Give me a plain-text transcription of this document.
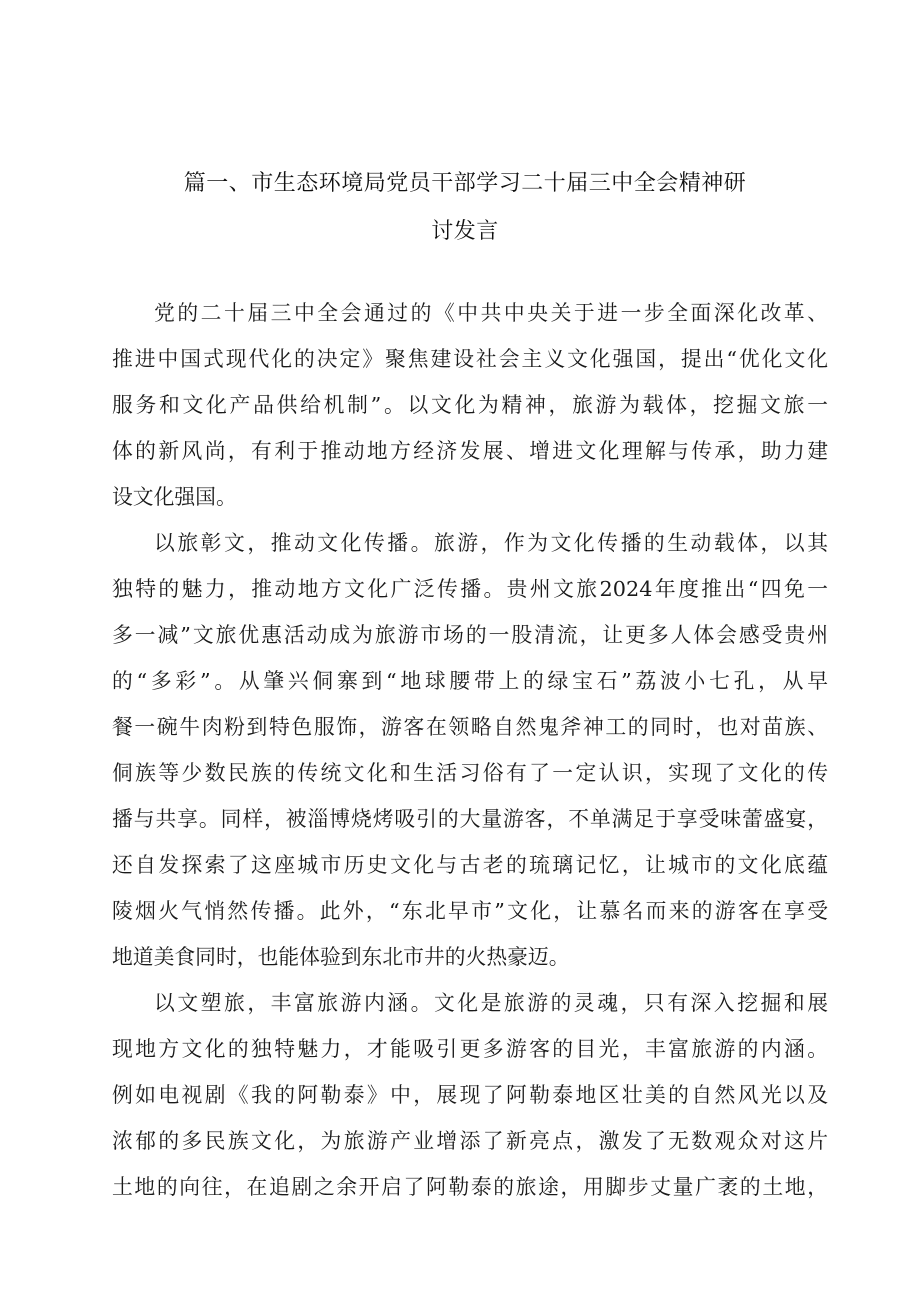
篇一、市生态环境局党员干部学习二十届三中全会精神研
讨发言

党的二十届三中全会通过的《中共中央关于进一步全面深化改革、
推进中国式现代化的决定》聚焦建设社会主义文化强国，提出“优化文化
服务和文化产品供给机制”。以文化为精神，旅游为载体，挖掘文旅一
体的新风尚，有利于推动地方经济发展、增进文化理解与传承，助力建
设文化强国。

以旅彰文，推动文化传播。旅游，作为文化传播的生动载体，以其
独特的魅力，推动地方文化广泛传播。贵州文旅2024年度推出“四免一
多一减”文旅优惠活动成为旅游市场的一股清流，让更多人体会感受贵州
的“多彩”。从肇兴侗寨到“地球腰带上的绿宝石”荔波小七孔，从早
餐一碗牛肉粉到特色服饰，游客在领略自然鬼斧神工的同时，也对苗族、
侗族等少数民族的传统文化和生活习俗有了一定认识，实现了文化的传
播与共享。同样，被淄博烧烤吸引的大量游客，不单满足于享受味蕾盛宴，
还自发探索了这座城市历史文化与古老的琉璃记忆，让城市的文化底蕴
陵烟火气悄然传播。此外，“东北早市”文化，让慕名而来的游客在享受
地道美食同时，也能体验到东北市井的火热豪迈。

以文塑旅，丰富旅游内涵。文化是旅游的灵魂，只有深入挖掘和展
现地方文化的独特魅力，才能吸引更多游客的目光，丰富旅游的内涵。
例如电视剧《我的阿勒泰》中，展现了阿勒泰地区壮美的自然风光以及
浓郁的多民族文化，为旅游产业增添了新亮点，激发了无数观众对这片
土地的向往，在追剧之余开启了阿勒泰的旅途，用脚步丈量广袤的土地，
